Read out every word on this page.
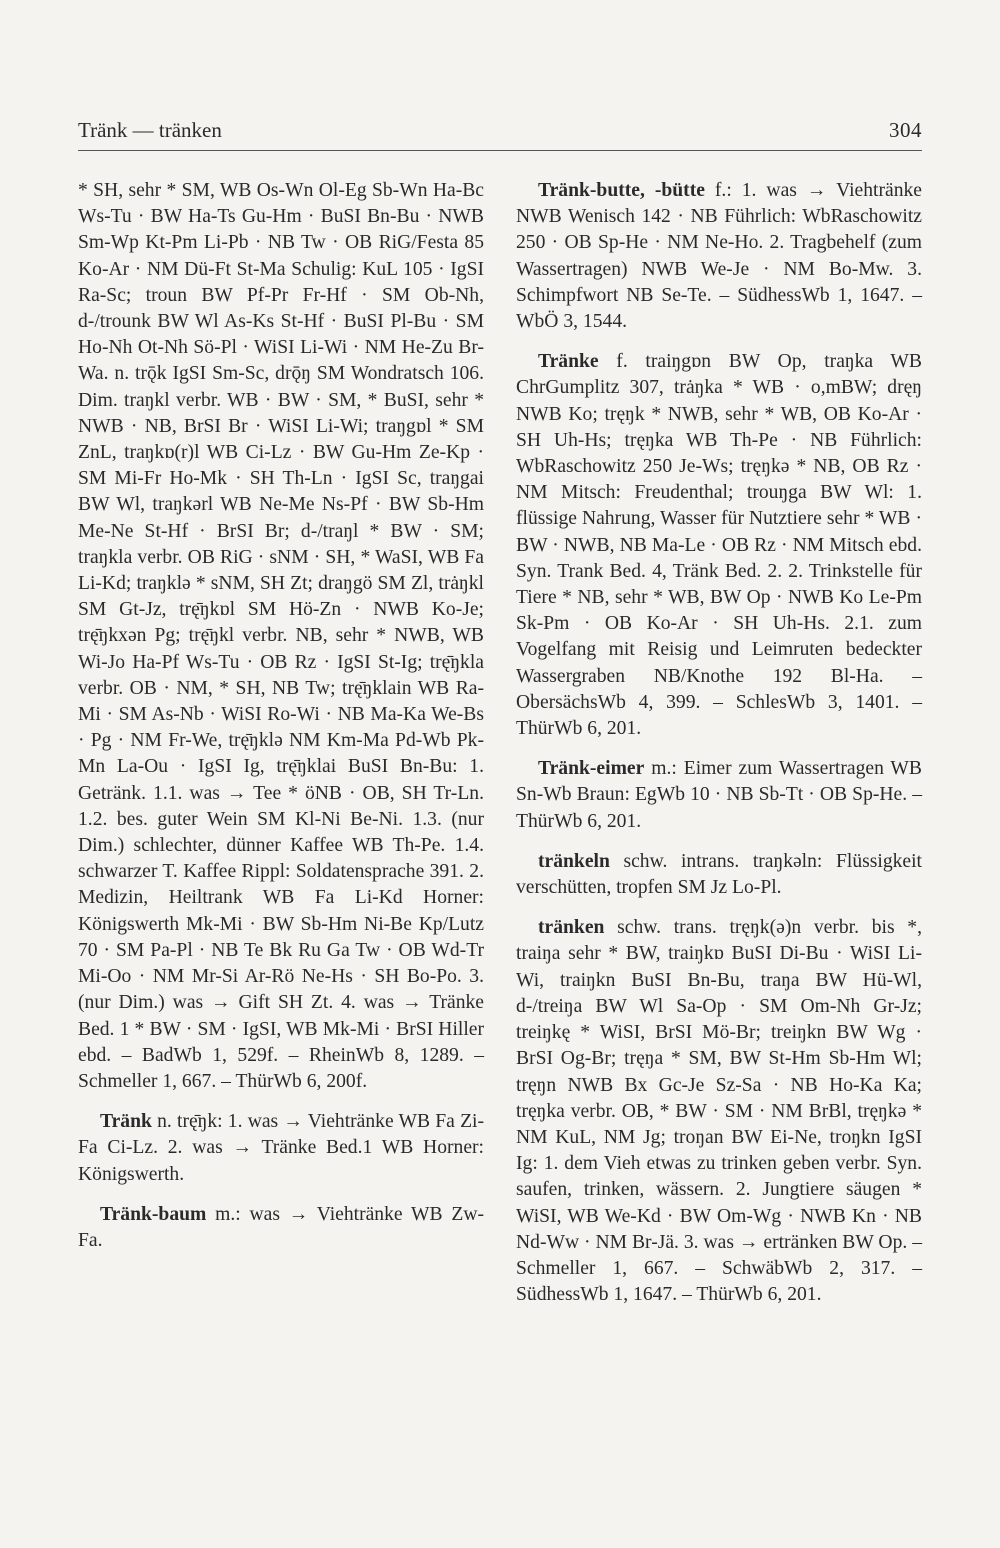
Tränk — tränken	304

* SH, sehr * SM, WB Os-Wn Ol-Eg Sb-Wn Ha-Bc Ws-Tu · BW Ha-Ts Gu-Hm · BuSI Bn-Bu · NWB Sm-Wp Kt-Pm Li-Pb · NB Tw · OB RiG/Festa 85 Ko-Ar · NM Dü-Ft St-Ma Schulig: KuL 105 · IgSI Ra-Sc; troun BW Pf-Pr Fr-Hf · SM Ob-Nh, d-/trounk BW Wl As-Ks St-Hf · BuSI Pl-Bu · SM Ho-Nh Ot-Nh Sö-Pl · WiSI Li-Wi · NM He-Zu Br-Wa. n. trǭk IgSI Sm-Sc, drǭŋ SM Wondratsch 106. Dim. traŋkl verbr. WB · BW · SM, * BuSI, sehr * NWB · NB, BrSI Br · WiSI Li-Wi; traŋgɒl * SM ZnL, traŋkɒ(r)l WB Ci-Lz · BW Gu-Hm Ze-Kp · SM Mi-Fr Ho-Mk · SH Th-Ln · IgSI Sc, traŋgai BW Wl, traŋkərl WB Ne-Me Ns-Pf · BW Sb-Hm Me-Ne St-Hf · BrSI Br; d-/traŋl * BW · SM; traŋkla verbr. OB RiG · sNM · SH, * WaSI, WB Fa Li-Kd; traŋklə * sNM, SH Zt; draŋgö SM Zl, trȧŋkl SM Gt-Jz, trę̄ŋkɒl SM Hö-Zn · NWB Ko-Je; trę̄ŋkxən Pg; trę̄ŋkl verbr. NB, sehr * NWB, WB Wi-Jo Ha-Pf Ws-Tu · OB Rz · IgSI St-Ig; trę̄ŋkla verbr. OB · NM, * SH, NB Tw; trę̄ŋklain WB Ra-Mi · SM As-Nb · WiSI Ro-Wi · NB Ma-Ka We-Bs · Pg · NM Fr-We, trę̄ŋklə NM Km-Ma Pd-Wb Pk-Mn La-Ou · IgSI Ig, trę̄ŋklai BuSI Bn-Bu: 1. Getränk. 1.1. was → Tee * öNB · OB, SH Tr-Ln. 1.2. bes. guter Wein SM Kl-Ni Be-Ni. 1.3. (nur Dim.) schlechter, dünner Kaffee WB Th-Pe. 1.4. schwarzer T. Kaffee Rippl: Soldatensprache 391. 2. Medizin, Heiltrank WB Fa Li-Kd Horner: Königswerth Mk-Mi · BW Sb-Hm Ni-Be Kp/Lutz 70 · SM Pa-Pl · NB Te Bk Ru Ga Tw · OB Wd-Tr Mi-Oo · NM Mr-Si Ar-Rö Ne-Hs · SH Bo-Po. 3. (nur Dim.) was → Gift SH Zt. 4. was → Tränke Bed. 1 * BW · SM · IgSI, WB Mk-Mi · BrSI Hiller ebd. – BadWb 1, 529f. – RheinWb 8, 1289. – Schmeller 1, 667. – ThürWb 6, 200f.

Tränk n. trę̄ŋk: 1. was → Viehtränke WB Fa Zi-Fa Ci-Lz. 2. was → Tränke Bed.1 WB Horner: Königswerth.

Tränk-baum m.: was → Viehtränke WB Zw-Fa.

Tränk-butte, -bütte f.: 1. was → Viehtränke NWB Wenisch 142 · NB Führlich: WbRaschowitz 250 · OB Sp-He · NM Ne-Ho. 2. Tragbehelf (zum Wassertragen) NWB We-Je · NM Bo-Mw. 3. Schimpfwort NB Se-Te. – SüdhessWb 1, 1647. – WbÖ 3, 1544.

Tränke f. traiŋgɒn BW Op, traŋka WB ChrGumplitz 307, trȧŋka * WB · o,mBW; dręŋ NWB Ko; tręŋk * NWB, sehr * WB, OB Ko-Ar · SH Uh-Hs; tręŋka WB Th-Pe · NB Führlich: WbRaschowitz 250 Je-Ws; tręŋkə * NB, OB Rz · NM Mitsch: Freudenthal; trouŋga BW Wl: 1. flüssige Nahrung, Wasser für Nutztiere sehr * WB · BW · NWB, NB Ma-Le · OB Rz · NM Mitsch ebd. Syn. Trank Bed. 4, Tränk Bed. 2. 2. Trinkstelle für Tiere * NB, sehr * WB, BW Op · NWB Ko Le-Pm Sk-Pm · OB Ko-Ar · SH Uh-Hs. 2.1. zum Vogelfang mit Reisig und Leimruten bedeckter Wassergraben NB/Knothe 192 Bl-Ha. – ObersächsWb 4, 399. – SchlesWb 3, 1401. – ThürWb 6, 201.

Tränk-eimer m.: Eimer zum Wassertragen WB Sn-Wb Braun: EgWb 10 · NB Sb-Tt · OB Sp-He. – ThürWb 6, 201.

tränkeln schw. intrans. traŋkəln: Flüssigkeit verschütten, tropfen SM Jz Lo-Pl.

tränken schw. trans. tręŋk(ə)n verbr. bis *, traiŋa sehr * BW, traiŋkɒ BuSI Di-Bu · WiSI Li-Wi, traiŋkn BuSI Bn-Bu, traŋa BW Hü-Wl, d-/treiŋa BW Wl Sa-Op · SM Om-Nh Gr-Jz; treiŋkę * WiSI, BrSI Mö-Br; treiŋkn BW Wg · BrSI Og-Br; tręŋa * SM, BW St-Hm Sb-Hm Wl; tręŋn NWB Bx Gc-Je Sz-Sa · NB Ho-Ka Ka; tręŋka verbr. OB, * BW · SM · NM BrBl, tręŋkə * NM KuL, NM Jg; troŋan BW Ei-Ne, troŋkn IgSI Ig: 1. dem Vieh etwas zu trinken geben verbr. Syn. saufen, trinken, wässern. 2. Jungtiere säugen * WiSI, WB We-Kd · BW Om-Wg · NWB Kn · NB Nd-Ww · NM Br-Jä. 3. was → ertränken BW Op. – Schmeller 1, 667. – SchwäbWb 2, 317. – SüdhessWb 1, 1647. – ThürWb 6, 201.
